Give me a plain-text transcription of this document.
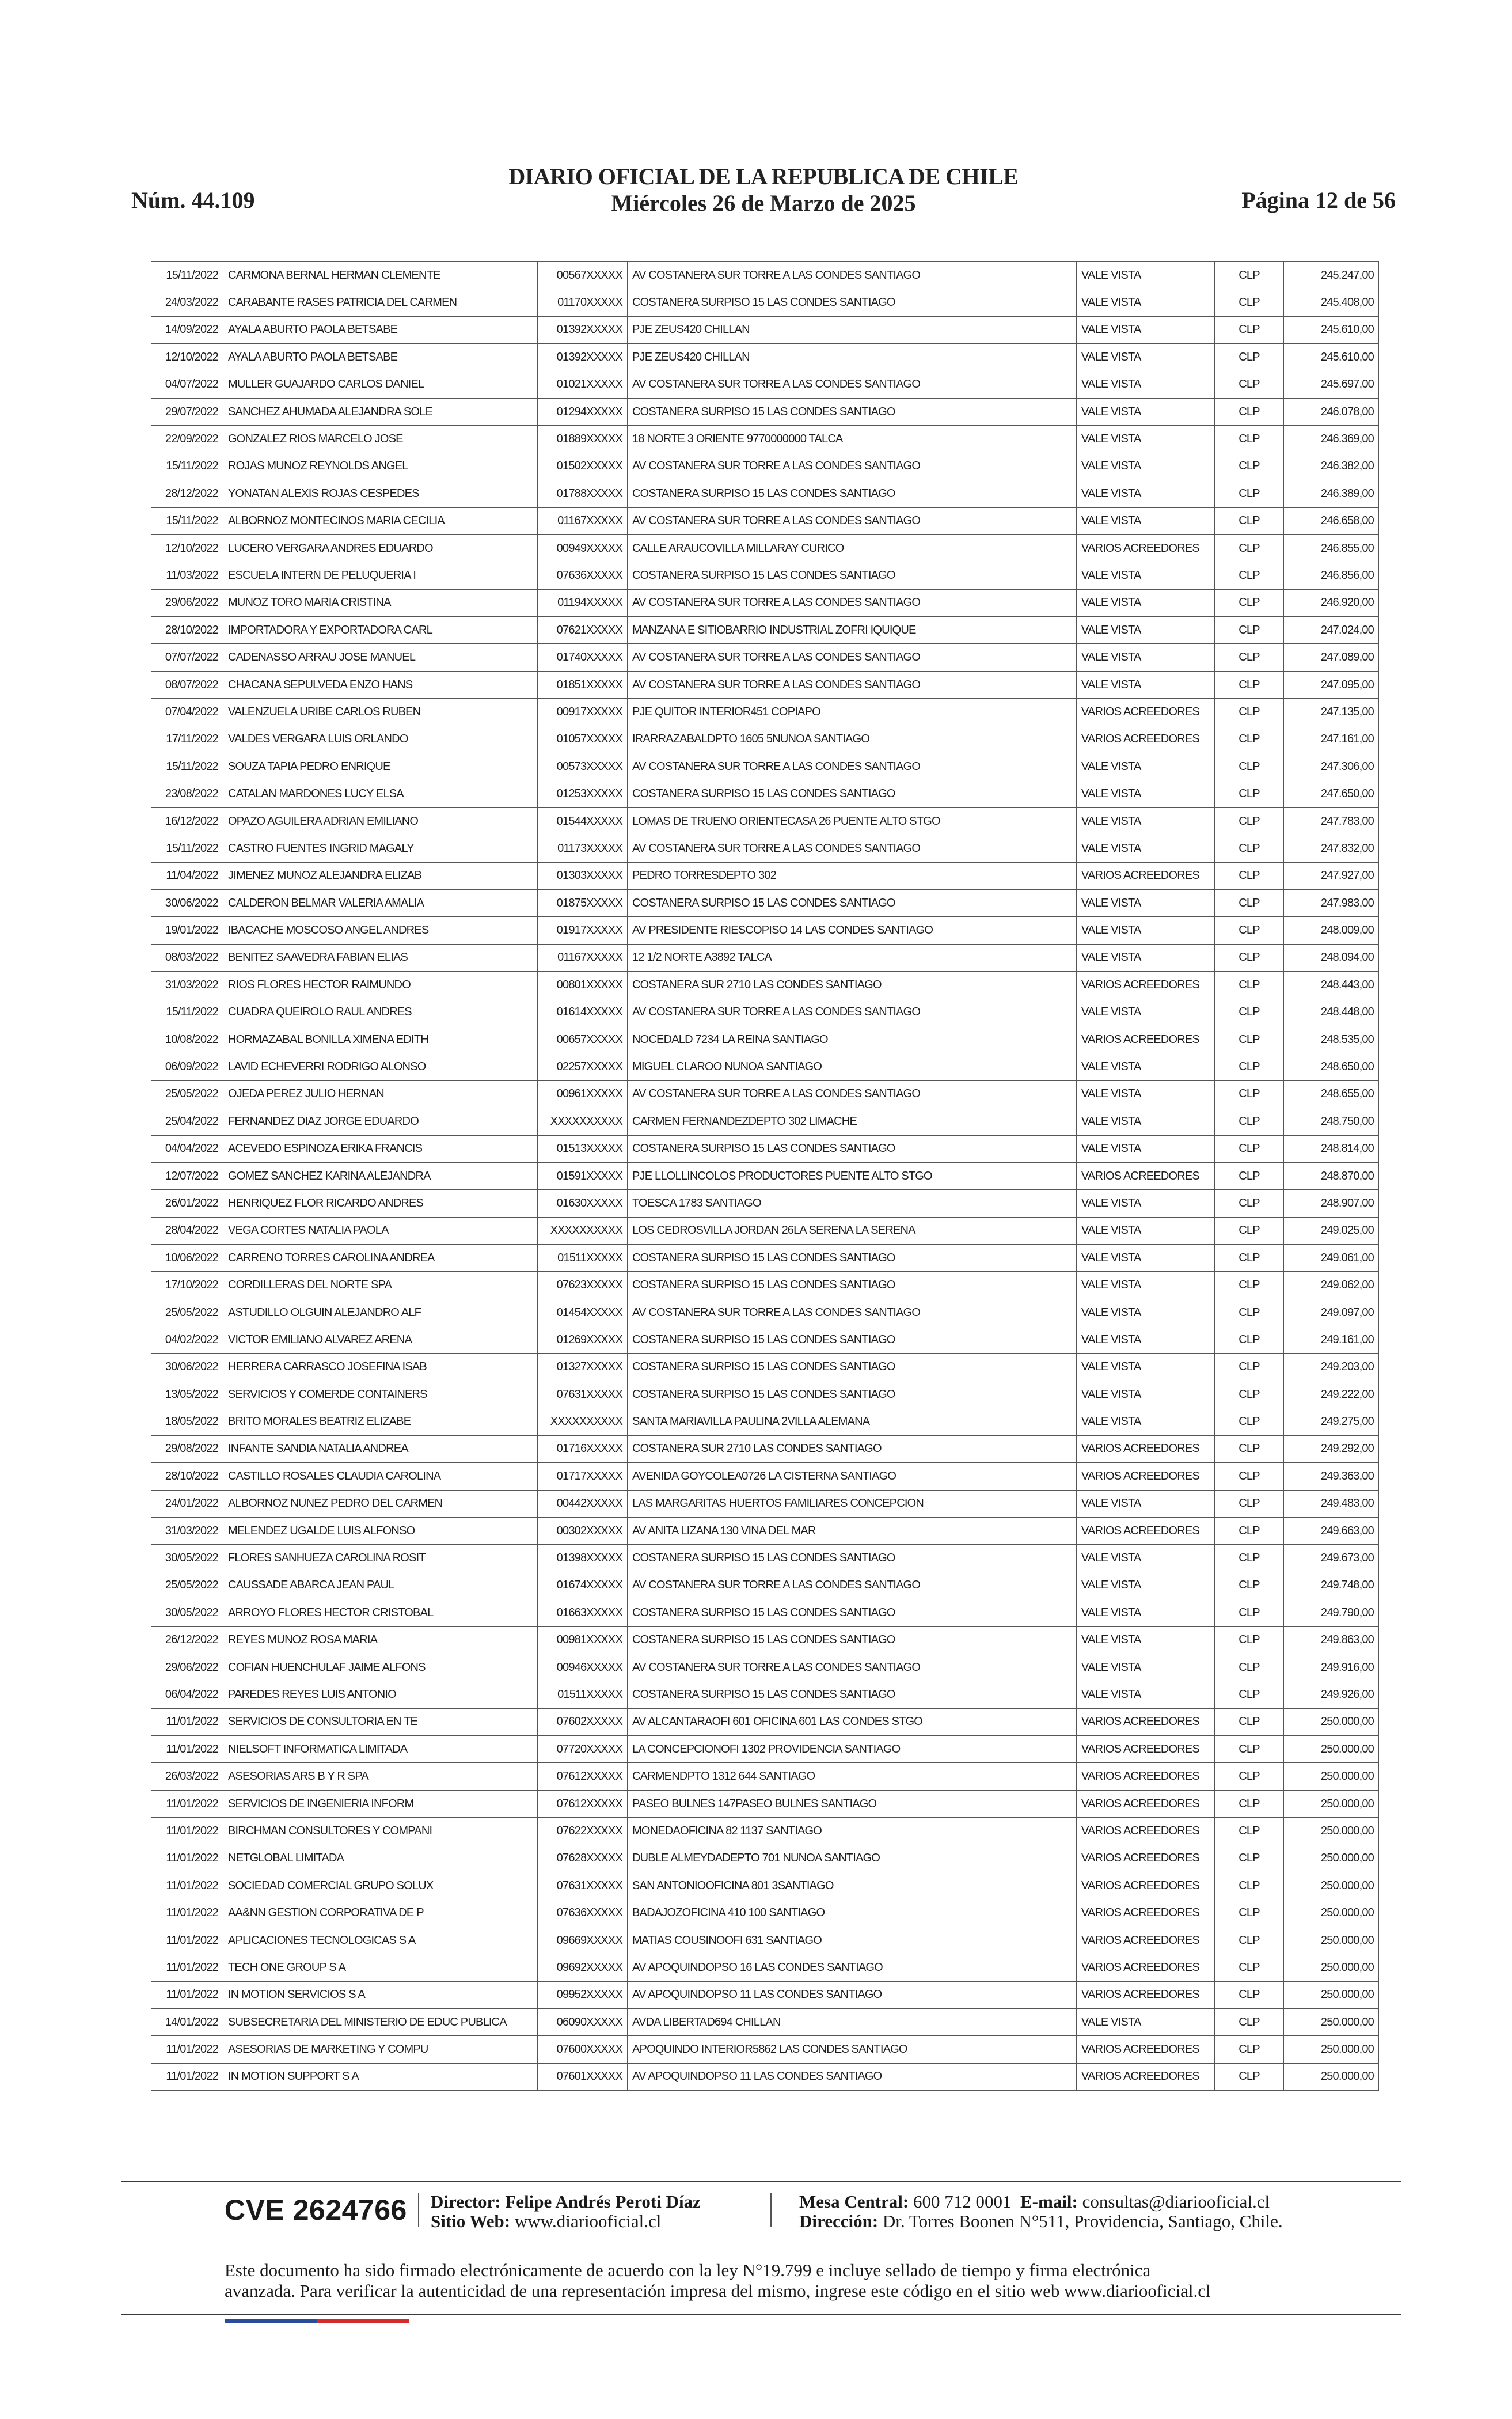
Núm. 44.109
DIARIO OFICIAL DE LA REPUBLICA DE CHILE
Miércoles 26 de Marzo de 2025	Página 12 de 56
15/11/2022	CARMONA BERNAL HERMAN CLEMENTE	00567XXXXX	AV COSTANERA SUR TORRE A LAS CONDES SANTIAGO	VALE VISTA	CLP	245.247,00
24/03/2022	CARABANTE RASES PATRICIA DEL CARMEN	01170XXXXX	COSTANERA SURPISO 15 LAS CONDES SANTIAGO	VALE VISTA	CLP	245.408,00
14/09/2022	AYALA ABURTO PAOLA BETSABE	01392XXXXX	PJE ZEUS420 CHILLAN	VALE VISTA	CLP	245.610,00
12/10/2022	AYALA ABURTO PAOLA BETSABE	01392XXXXX	PJE ZEUS420 CHILLAN	VALE VISTA	CLP	245.610,00
04/07/2022	MULLER GUAJARDO CARLOS DANIEL	01021XXXXX	AV COSTANERA SUR TORRE A LAS CONDES SANTIAGO	VALE VISTA	CLP	245.697,00
29/07/2022	SANCHEZ AHUMADA ALEJANDRA SOLE	01294XXXXX	COSTANERA SURPISO 15 LAS CONDES SANTIAGO	VALE VISTA	CLP	246.078,00
22/09/2022	GONZALEZ RIOS MARCELO JOSE	01889XXXXX	18 NORTE 3 ORIENTE 9770000000 TALCA	VALE VISTA	CLP	246.369,00
15/11/2022	ROJAS MUNOZ REYNOLDS ANGEL	01502XXXXX	AV COSTANERA SUR TORRE A LAS CONDES SANTIAGO	VALE VISTA	CLP	246.382,00
28/12/2022	YONATAN ALEXIS ROJAS CESPEDES	01788XXXXX	COSTANERA SURPISO 15 LAS CONDES SANTIAGO	VALE VISTA	CLP	246.389,00
15/11/2022	ALBORNOZ MONTECINOS MARIA CECILIA	01167XXXXX	AV COSTANERA SUR TORRE A LAS CONDES SANTIAGO	VALE VISTA	CLP	246.658,00
12/10/2022	LUCERO VERGARA ANDRES EDUARDO	00949XXXXX	CALLE ARAUCOVILLA MILLARAY CURICO	VARIOS ACREEDORES	CLP	246.855,00
11/03/2022	ESCUELA INTERN DE PELUQUERIA I	07636XXXXX	COSTANERA SURPISO 15 LAS CONDES SANTIAGO	VALE VISTA	CLP	246.856,00
29/06/2022	MUNOZ TORO MARIA CRISTINA	01194XXXXX	AV COSTANERA SUR TORRE A LAS CONDES SANTIAGO	VALE VISTA	CLP	246.920,00
28/10/2022	IMPORTADORA Y EXPORTADORA CARL	07621XXXXX	MANZANA E SITIOBARRIO INDUSTRIAL ZOFRI IQUIQUE	VALE VISTA	CLP	247.024,00
07/07/2022	CADENASSO ARRAU JOSE MANUEL	01740XXXXX	AV COSTANERA SUR TORRE A LAS CONDES SANTIAGO	VALE VISTA	CLP	247.089,00
08/07/2022	CHACANA SEPULVEDA ENZO HANS	01851XXXXX	AV COSTANERA SUR TORRE A LAS CONDES SANTIAGO	VALE VISTA	CLP	247.095,00
07/04/2022	VALENZUELA URIBE CARLOS RUBEN	00917XXXXX	PJE QUITOR INTERIOR451 COPIAPO	VARIOS ACREEDORES	CLP	247.135,00
17/11/2022	VALDES VERGARA LUIS ORLANDO	01057XXXXX	IRARRAZABALDPTO 1605 5NUNOA SANTIAGO	VARIOS ACREEDORES	CLP	247.161,00
15/11/2022	SOUZA TAPIA PEDRO ENRIQUE	00573XXXXX	AV COSTANERA SUR TORRE A LAS CONDES SANTIAGO	VALE VISTA	CLP	247.306,00
23/08/2022	CATALAN MARDONES LUCY ELSA	01253XXXXX	COSTANERA SURPISO 15 LAS CONDES SANTIAGO	VALE VISTA	CLP	247.650,00
16/12/2022	OPAZO AGUILERA ADRIAN EMILIANO	01544XXXXX	LOMAS DE TRUENO ORIENTECASA 26 PUENTE ALTO STGO	VALE VISTA	CLP	247.783,00
15/11/2022	CASTRO FUENTES INGRID MAGALY	01173XXXXX	AV COSTANERA SUR TORRE A LAS CONDES SANTIAGO	VALE VISTA	CLP	247.832,00
11/04/2022	JIMENEZ MUNOZ ALEJANDRA ELIZAB	01303XXXXX	PEDRO TORRESDEPTO 302	VARIOS ACREEDORES	CLP	247.927,00
30/06/2022	CALDERON BELMAR VALERIA AMALIA	01875XXXXX	COSTANERA SURPISO 15 LAS CONDES SANTIAGO	VALE VISTA	CLP	247.983,00
19/01/2022	IBACACHE MOSCOSO ANGEL ANDRES	01917XXXXX	AV PRESIDENTE RIESCOPISO 14 LAS CONDES SANTIAGO	VALE VISTA	CLP	248.009,00
08/03/2022	BENITEZ SAAVEDRA FABIAN ELIAS	01167XXXXX	12 1/2 NORTE A3892 TALCA	VALE VISTA	CLP	248.094,00
31/03/2022	RIOS FLORES HECTOR RAIMUNDO	00801XXXXX	COSTANERA SUR 2710 LAS CONDES SANTIAGO	VARIOS ACREEDORES	CLP	248.443,00
15/11/2022	CUADRA QUEIROLO RAUL ANDRES	01614XXXXX	AV COSTANERA SUR TORRE A LAS CONDES SANTIAGO	VALE VISTA	CLP	248.448,00
10/08/2022	HORMAZABAL BONILLA XIMENA EDITH	00657XXXXX	NOCEDALD 7234 LA REINA SANTIAGO	VARIOS ACREEDORES	CLP	248.535,00
06/09/2022	LAVID ECHEVERRI RODRIGO ALONSO	02257XXXXX	MIGUEL CLAROO NUNOA SANTIAGO	VALE VISTA	CLP	248.650,00
25/05/2022	OJEDA PEREZ JULIO HERNAN	00961XXXXX	AV COSTANERA SUR TORRE A LAS CONDES SANTIAGO	VALE VISTA	CLP	248.655,00
25/04/2022	FERNANDEZ DIAZ JORGE EDUARDO	XXXXXXXXXX	CARMEN FERNANDEZDEPTO 302 LIMACHE	VALE VISTA	CLP	248.750,00
04/04/2022	ACEVEDO ESPINOZA ERIKA FRANCIS	01513XXXXX	COSTANERA SURPISO 15 LAS CONDES SANTIAGO	VALE VISTA	CLP	248.814,00
12/07/2022	GOMEZ SANCHEZ KARINA ALEJANDRA	01591XXXXX	PJE LLOLLINCOLOS PRODUCTORES PUENTE ALTO STGO	VARIOS ACREEDORES	CLP	248.870,00
26/01/2022	HENRIQUEZ FLOR RICARDO ANDRES	01630XXXXX	TOESCA 1783 SANTIAGO	VALE VISTA	CLP	248.907,00
28/04/2022	VEGA CORTES NATALIA PAOLA	XXXXXXXXXX	LOS CEDROSVILLA JORDAN 26LA SERENA LA SERENA	VALE VISTA	CLP	249.025,00
10/06/2022	CARRENO TORRES CAROLINA ANDREA	01511XXXXX	COSTANERA SURPISO 15 LAS CONDES SANTIAGO	VALE VISTA	CLP	249.061,00
17/10/2022	CORDILLERAS DEL NORTE SPA	07623XXXXX	COSTANERA SURPISO 15 LAS CONDES SANTIAGO	VALE VISTA	CLP	249.062,00
25/05/2022	ASTUDILLO OLGUIN ALEJANDRO ALF	01454XXXXX	AV COSTANERA SUR TORRE A LAS CONDES SANTIAGO	VALE VISTA	CLP	249.097,00
04/02/2022	VICTOR EMILIANO ALVAREZ ARENA	01269XXXXX	COSTANERA SURPISO 15 LAS CONDES SANTIAGO	VALE VISTA	CLP	249.161,00
30/06/2022	HERRERA CARRASCO JOSEFINA ISAB	01327XXXXX	COSTANERA SURPISO 15 LAS CONDES SANTIAGO	VALE VISTA	CLP	249.203,00
13/05/2022	SERVICIOS Y COMERDE CONTAINERS	07631XXXXX	COSTANERA SURPISO 15 LAS CONDES SANTIAGO	VALE VISTA	CLP	249.222,00
18/05/2022	BRITO MORALES BEATRIZ ELIZABE	XXXXXXXXXX	SANTA MARIAVILLA PAULINA 2VILLA ALEMANA	VALE VISTA	CLP	249.275,00
29/08/2022	INFANTE SANDIA NATALIA ANDREA	01716XXXXX	COSTANERA SUR 2710 LAS CONDES SANTIAGO	VARIOS ACREEDORES	CLP	249.292,00
28/10/2022	CASTILLO ROSALES CLAUDIA CAROLINA	01717XXXXX	AVENIDA GOYCOLEA0726 LA CISTERNA SANTIAGO	VARIOS ACREEDORES	CLP	249.363,00
24/01/2022	ALBORNOZ NUNEZ PEDRO DEL CARMEN	00442XXXXX	LAS MARGARITAS HUERTOS FAMILIARES CONCEPCION	VALE VISTA	CLP	249.483,00
31/03/2022	MELENDEZ UGALDE LUIS ALFONSO	00302XXXXX	AV ANITA LIZANA 130 VINA DEL MAR	VARIOS ACREEDORES	CLP	249.663,00
30/05/2022	FLORES SANHUEZA CAROLINA ROSIT	01398XXXXX	COSTANERA SURPISO 15 LAS CONDES SANTIAGO	VALE VISTA	CLP	249.673,00
25/05/2022	CAUSSADE ABARCA JEAN PAUL	01674XXXXX	AV COSTANERA SUR TORRE A LAS CONDES SANTIAGO	VALE VISTA	CLP	249.748,00
30/05/2022	ARROYO FLORES HECTOR CRISTOBAL	01663XXXXX	COSTANERA SURPISO 15 LAS CONDES SANTIAGO	VALE VISTA	CLP	249.790,00
26/12/2022	REYES MUNOZ ROSA MARIA	00981XXXXX	COSTANERA SURPISO 15 LAS CONDES SANTIAGO	VALE VISTA	CLP	249.863,00
29/06/2022	COFIAN HUENCHULAF JAIME ALFONS	00946XXXXX	AV COSTANERA SUR TORRE A LAS CONDES SANTIAGO	VALE VISTA	CLP	249.916,00
06/04/2022	PAREDES REYES LUIS ANTONIO	01511XXXXX	COSTANERA SURPISO 15 LAS CONDES SANTIAGO	VALE VISTA	CLP	249.926,00
11/01/2022	SERVICIOS DE CONSULTORIA EN TE	07602XXXXX	AV ALCANTARAOFI 601 OFICINA 601 LAS CONDES STGO	VARIOS ACREEDORES	CLP	250.000,00
11/01/2022	NIELSOFT INFORMATICA LIMITADA	07720XXXXX	LA CONCEPCIONOFI 1302 PROVIDENCIA SANTIAGO	VARIOS ACREEDORES	CLP	250.000,00
26/03/2022	ASESORIAS ARS B Y R SPA	07612XXXXX	CARMENDPTO 1312 644 SANTIAGO	VARIOS ACREEDORES	CLP	250.000,00
11/01/2022	SERVICIOS DE INGENIERIA INFORM	07612XXXXX	PASEO BULNES 147PASEO BULNES SANTIAGO	VARIOS ACREEDORES	CLP	250.000,00
11/01/2022	BIRCHMAN CONSULTORES Y COMPANI	07622XXXXX	MONEDAOFICINA 82 1137 SANTIAGO	VARIOS ACREEDORES	CLP	250.000,00
11/01/2022	NETGLOBAL LIMITADA	07628XXXXX	DUBLE ALMEYDADEPTO 701 NUNOA SANTIAGO	VARIOS ACREEDORES	CLP	250.000,00
11/01/2022	SOCIEDAD COMERCIAL GRUPO SOLUX	07631XXXXX	SAN ANTONIOOFICINA 801 3SANTIAGO	VARIOS ACREEDORES	CLP	250.000,00
11/01/2022	AA&NN GESTION CORPORATIVA DE P	07636XXXXX	BADAJOZOFICINA 410 100 SANTIAGO	VARIOS ACREEDORES	CLP	250.000,00
11/01/2022	APLICACIONES TECNOLOGICAS S A	09669XXXXX	MATIAS COUSINOOFI 631 SANTIAGO	VARIOS ACREEDORES	CLP	250.000,00
11/01/2022	TECH ONE GROUP S A	09692XXXXX	AV APOQUINDOPSO 16 LAS CONDES SANTIAGO	VARIOS ACREEDORES	CLP	250.000,00
11/01/2022	IN MOTION SERVICIOS S A	09952XXXXX	AV APOQUINDOPSO 11 LAS CONDES SANTIAGO	VARIOS ACREEDORES	CLP	250.000,00
14/01/2022	SUBSECRETARIA DEL MINISTERIO DE EDUC PUBLICA	06090XXXXX	AVDA LIBERTAD694 CHILLAN	VALE VISTA	CLP	250.000,00
11/01/2022	ASESORIAS DE MARKETING Y COMPU	07600XXXXX	APOQUINDO INTERIOR5862 LAS CONDES SANTIAGO	VARIOS ACREEDORES	CLP	250.000,00
11/01/2022	IN MOTION SUPPORT S A	07601XXXXX	AV APOQUINDOPSO 11 LAS CONDES SANTIAGO	VARIOS ACREEDORES	CLP	250.000,00
CVE 2624766 Director: Felipe Andrés Peroti Díaz
Sitio Web: www.diariooficial.cl
Mesa Central: 600 712 0001 E-mail: consultas@diariooficial.cl
Dirección: Dr. Torres Boonen N°511, Providencia, Santiago, Chile.
Este documento ha sido firmado electrónicamente de acuerdo con la ley N°19.799 e incluye sellado de tiempo y firma electrónica
avanzada. Para verificar la autenticidad de una representación impresa del mismo, ingrese este código en el sitio web www.diariooficial.cl
